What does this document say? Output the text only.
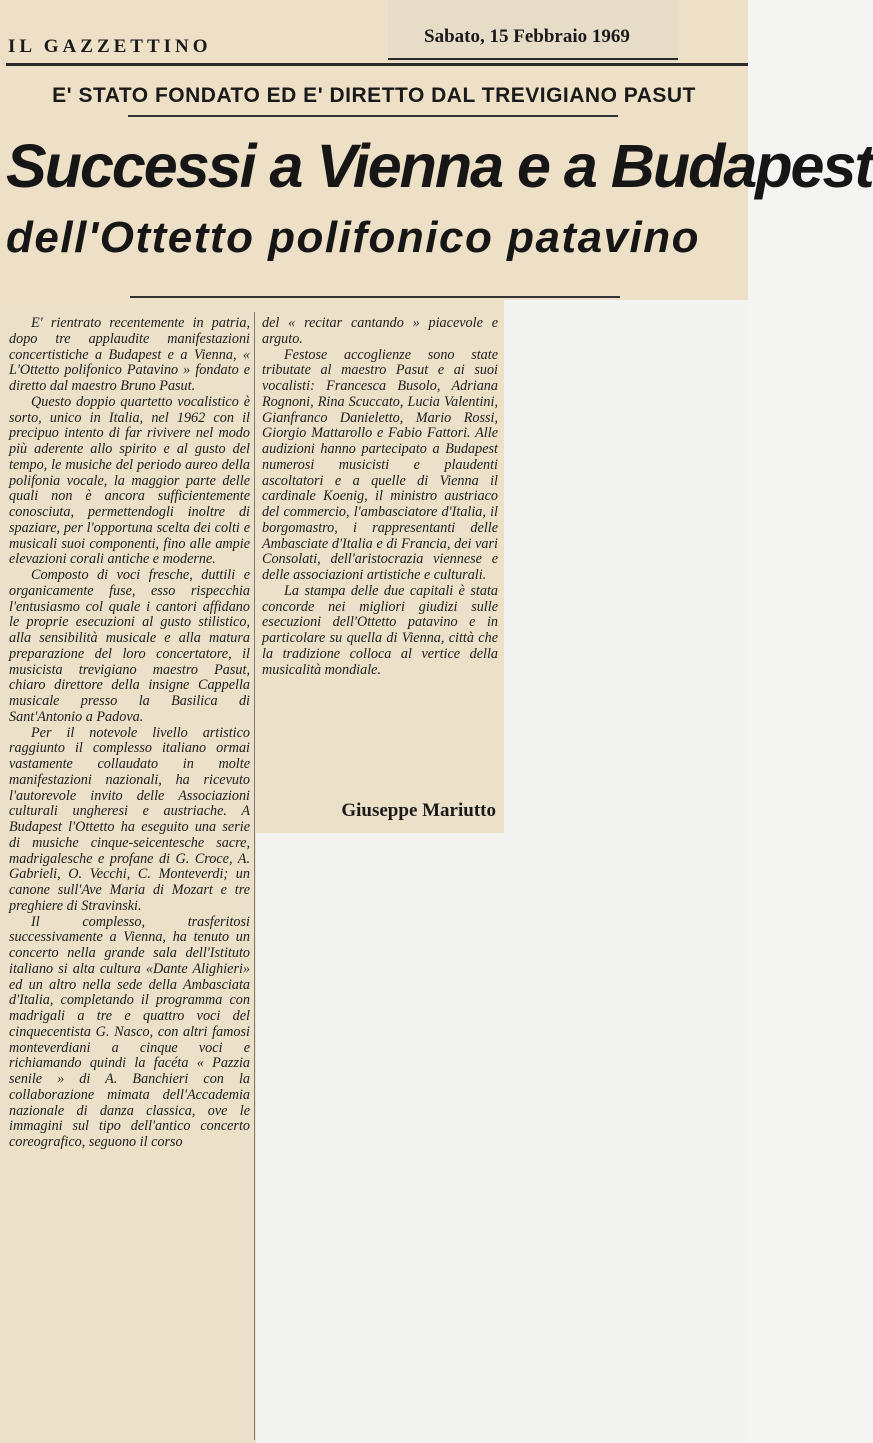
IL GAZZETTINO	Sabato, 15 Febbraio 1969
E' STATO FONDATO ED E' DIRETTO DAL TREVIGIANO PASUT
Successi a Vienna e a Budapest
dell'Ottetto polifonico patavino

E' rientrato recentemente in patria, dopo tre applaudite manifestazioni concertistiche a Budapest e a Vienna, « L'Ottetto polifonico Patavino » fondato e diretto dal maestro Bruno Pasut.

Questo doppio quartetto vocalistico è sorto, unico in Italia, nel 1962 con il precipuo intento di far rivivere nel modo più aderente allo spirito e al gusto del tempo, le musiche del periodo aureo della polifonia vocale, la maggior parte delle quali non è ancora sufficientemente conosciuta, permettendogli inoltre di spaziare, per l'opportuna scelta dei colti e musicali suoi componenti, fino alle ampie elevazioni corali antiche e moderne.

Composto di voci fresche, duttili e organicamente fuse, esso rispecchia l'entusiasmo col quale i cantori affidano le proprie esecuzioni al gusto stilistico, alla sensibilità musicale e alla matura preparazione del loro concertatore, il musicista trevigiano maestro Pasut, chiaro direttore della insigne Cappella musicale presso la Basilica di Sant'Antonio a Padova.

Per il notevole livello artistico raggiunto il complesso italiano ormai vastamente collaudato in molte manifestazioni nazionali, ha ricevuto l'autorevole invito delle Associazioni culturali ungheresi e austriache. A Budapest l'Ottetto ha eseguito una serie di musiche cinque-seicentesche sacre, madrigalesche e profane di G. Croce, A. Gabrieli, O. Vecchi, C. Monteverdi; un canone sull'Ave Maria di Mozart e tre preghiere di Stravinski.

Il complesso, trasferitosi successivamente a Vienna, ha tenuto un concerto nella grande sala dell'Istituto italiano si alta cultura «Dante Alighieri» ed un altro nella sede della Ambasciata d'Italia, completando il programma con madrigali a tre e quattro voci del cinquecentista G. Nasco, con altri famosi monteverdiani a cinque voci e richiamando quindi la facéta « Pazzia senile » di A. Banchieri con la collaborazione mimata dell'Accademia nazionale di danza classica, ove le immagini sul tipo dell'antico concerto coreografico, seguono il corso

del « recitar cantando » piacevole e arguto.

Festose accoglienze sono state tributate al maestro Pasut e ai suoi vocalisti: Francesca Busolo, Adriana Rognoni, Rina Scuccato, Lucia Valentini, Gianfranco Danieletto, Mario Rossi, Giorgio Mattarollo e Fabio Fattori. Alle audizioni hanno partecipato a Budapest numerosi musicisti e plaudenti ascoltatori e a quelle di Vienna il cardinale Koenig, il ministro austriaco del commercio, l'ambasciatore d'Italia, il borgomastro, i rappresentanti delle Ambasciate d'Italia e di Francia, dei vari Consolati, dell'aristocrazia viennese e delle associazioni artistiche e culturali.

La stampa delle due capitali è stata concorde nei migliori giudizi sulle esecuzioni dell'Ottetto patavino e in particolare su quella di Vienna, città che la tradizione colloca al vertice della musicalità mondiale.

Giuseppe Mariutto
